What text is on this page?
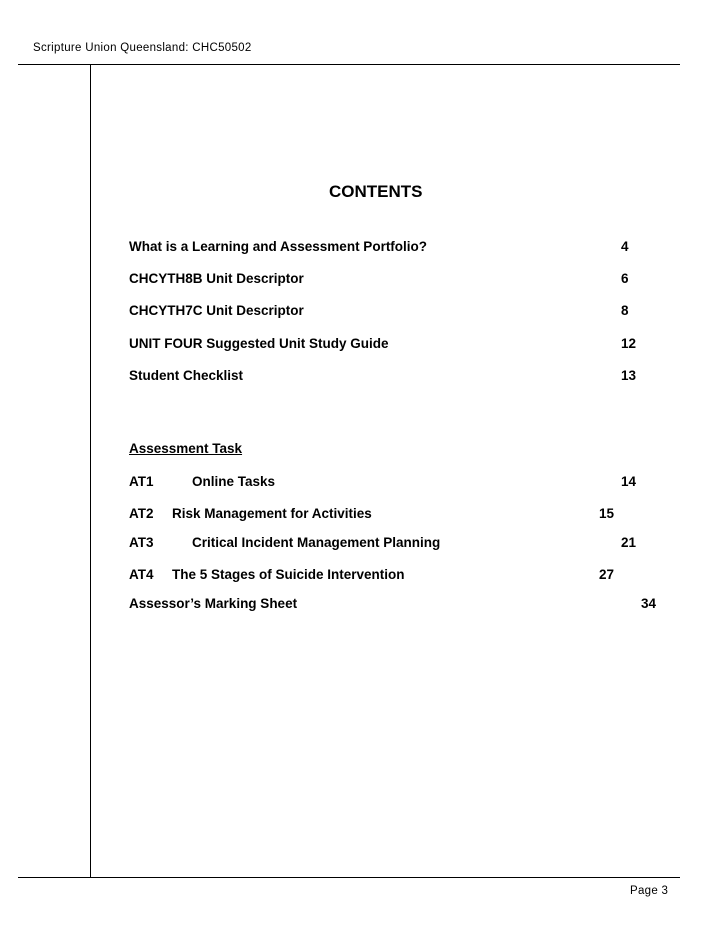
Scripture Union Queensland: CHC50502
CONTENTS
What is a Learning and Assessment Portfolio?	4
CHCYTH8B Unit Descriptor	6
CHCYTH7C Unit Descriptor	8
UNIT FOUR Suggested Unit Study Guide	12
Student Checklist	13
Assessment Task
AT1	Online Tasks	14
AT2 Risk Management for Activities	15
AT3	Critical Incident Management Planning	21
AT4 The 5 Stages of Suicide Intervention	27
Assessor’s Marking Sheet	34
Page 3
